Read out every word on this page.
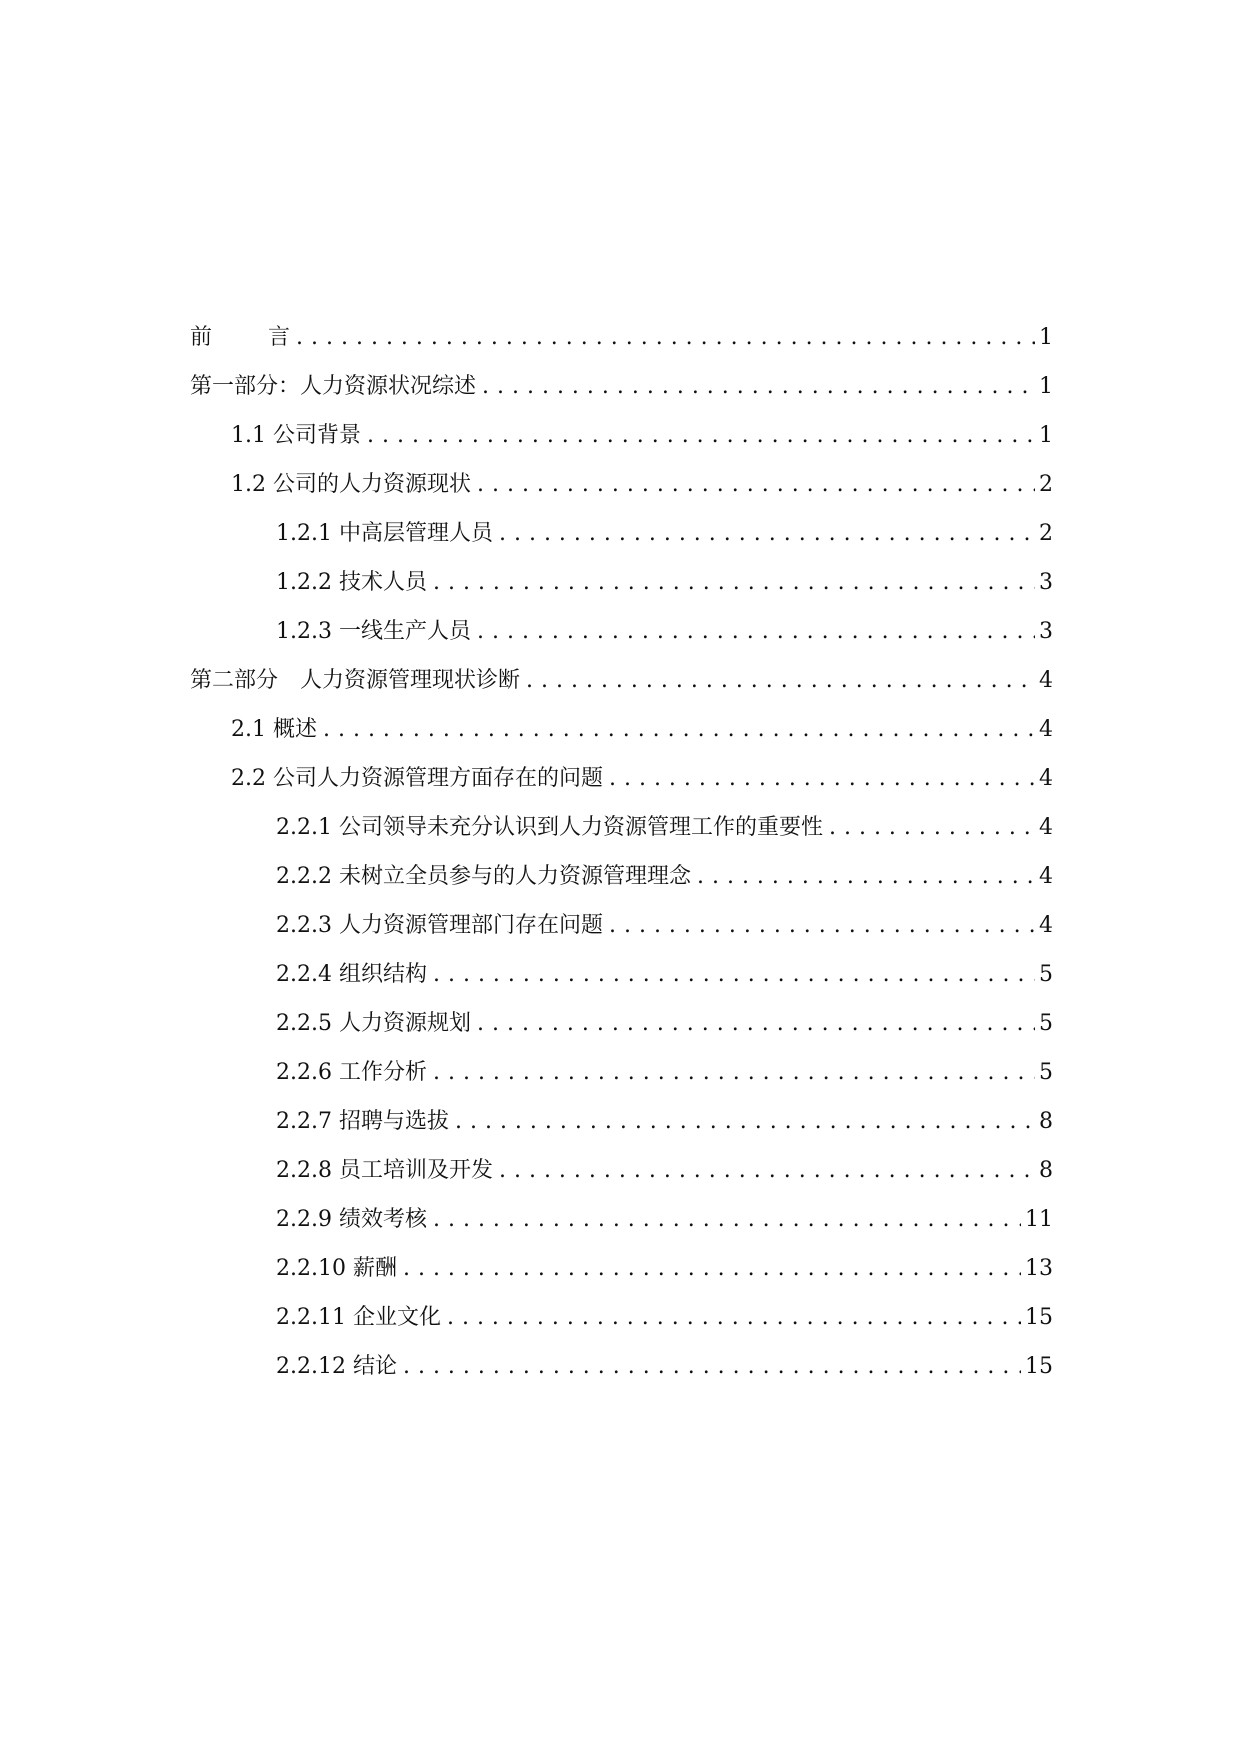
前	言 . . .	1
第一部分：人力资源状况综述 . . .	1
1.1 公司背景 . . .	1
1.2 公司的人力资源现状 . . .	2
1.2.1 中高层管理人员 . . .	2
1.2.2 技术人员 . . .	3
1.2.3 一线生产人员 . . .	3
第二部分　人力资源管理现状诊断 . . .	4
2.1 概述 . . .	4
2.2 公司人力资源管理方面存在的问题 . . .	4
2.2.1 公司领导未充分认识到人力资源管理工作的重要性 . . .	4
2.2.2 未树立全员参与的人力资源管理理念 . . .	4
2.2.3 人力资源管理部门存在问题 . . .	4
2.2.4 组织结构 . . .	5
2.2.5 人力资源规划 . . .	5
2.2.6 工作分析 . . .	5
2.2.7 招聘与选拔 . . .	8
2.2.8 员工培训及开发 . . .	8
2.2.9 绩效考核 . . .	11
2.2.10 薪酬 . . .	13
2.2.11 企业文化 . . .	15
2.2.12 结论 . . .	15
